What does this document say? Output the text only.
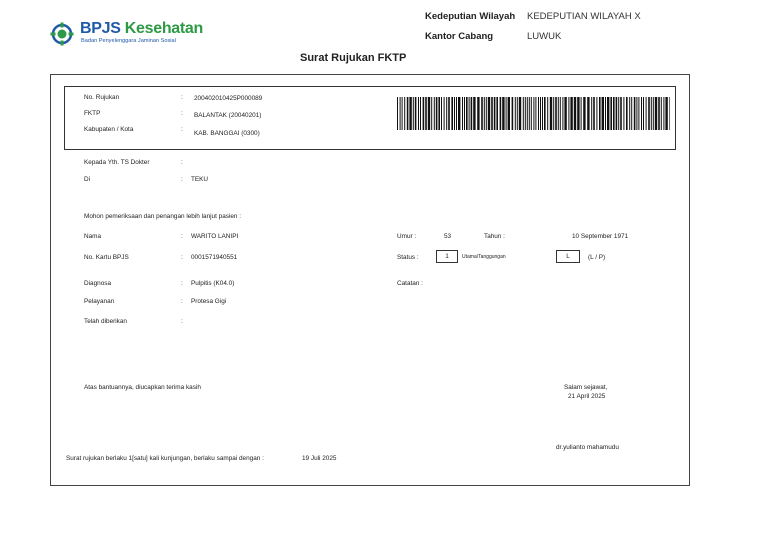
BPJS Kesehatan
Badan Penyelenggara Jaminan Sosial
Kedeputian Wilayah KEDEPUTIAN WILAYAH X
Kantor Cabang	LUWUK
Surat Rujukan FKTP
No. Rujukan	: 200402010425P000089
FKTP	: BALANTAK (20040201)
Kabupaten / Kota	:
KAB. BANGGAI (0300)
Kepada Yth. TS Dokter	:
Di	: TEKU
Mohon pemeriksaan dan penangan lebih lanjut pasien :
Nama	: WARITO LANIPI
No. Kartu BPJS	: 0001571940551
Diagnosa	: Pulpitis (K04.0)
Pelayanan	: Protesa Gigi
Telah diberikan	:
Umur :	53	Tahun :	10 September 1971
Status :	1	Utama/Tanggungan	L	(L / P)
Catatan :
Atas bantuannya, diucapkan terima kasih	Salam sejawat,
21 April 2025
dr.yulianto mahamudu
Surat rujukan berlaku 1[satu] kali kunjungan, berlaku sampai dengan :	19 Juli 2025
